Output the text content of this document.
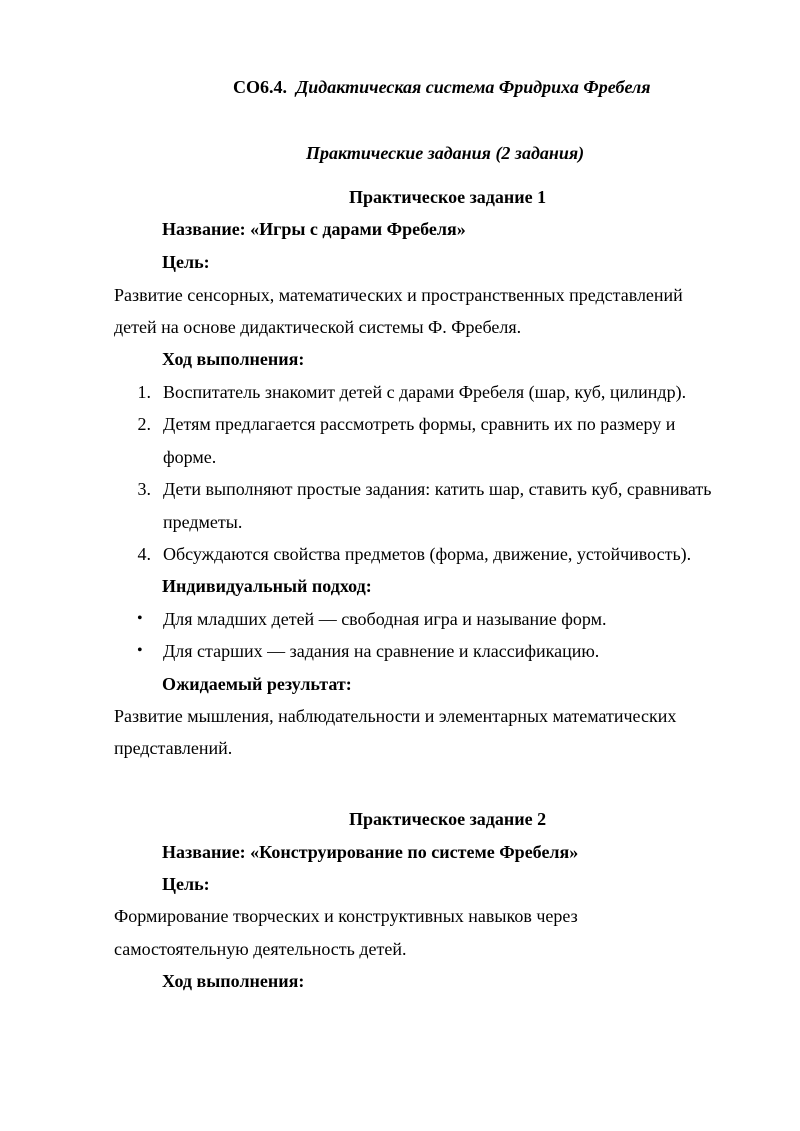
СО6.4. Дидактическая система Фридриха Фребеля
Практические задания (2 задания)
Практическое задание 1
Название: «Игры с дарами Фребеля»
Цель:
Развитие сенсорных, математических и пространственных представлений
детей на основе дидактической системы Ф. Фребеля.
Ход выполнения:
1. Воспитатель знакомит детей с дарами Фребеля (шар, куб, цилиндр).
2. Детям предлагается рассмотреть формы, сравнить их по размеру и
форме.
3. Дети выполняют простые задания: катить шар, ставить куб, сравнивать
предметы.
4. Обсуждаются свойства предметов (форма, движение, устойчивость).
Индивидуальный подход:
• Для младших детей — свободная игра и называние форм.
• Для старших — задания на сравнение и классификацию.
Ожидаемый результат:
Развитие мышления, наблюдательности и элементарных математических
представлений.
Практическое задание 2
Название: «Конструирование по системе Фребеля»
Цель:
Формирование творческих и конструктивных навыков через
самостоятельную деятельность детей.
Ход выполнения:
